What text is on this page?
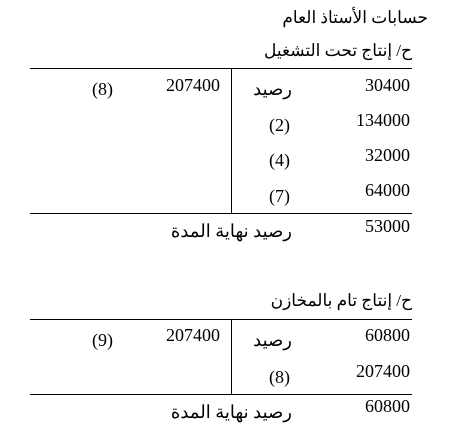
حسابات الأستاذ العام
ح/ إنتاج تحت التشغيل
30400
رصيد
134000
(2)
32000
(4)
64000
(7)
207400
(8)
53000
رصيد نهاية المدة
ح/ إنتاج تام بالمخازن
60800
رصيد
207400
(8)
207400
(9)
60800
رصيد نهاية المدة
